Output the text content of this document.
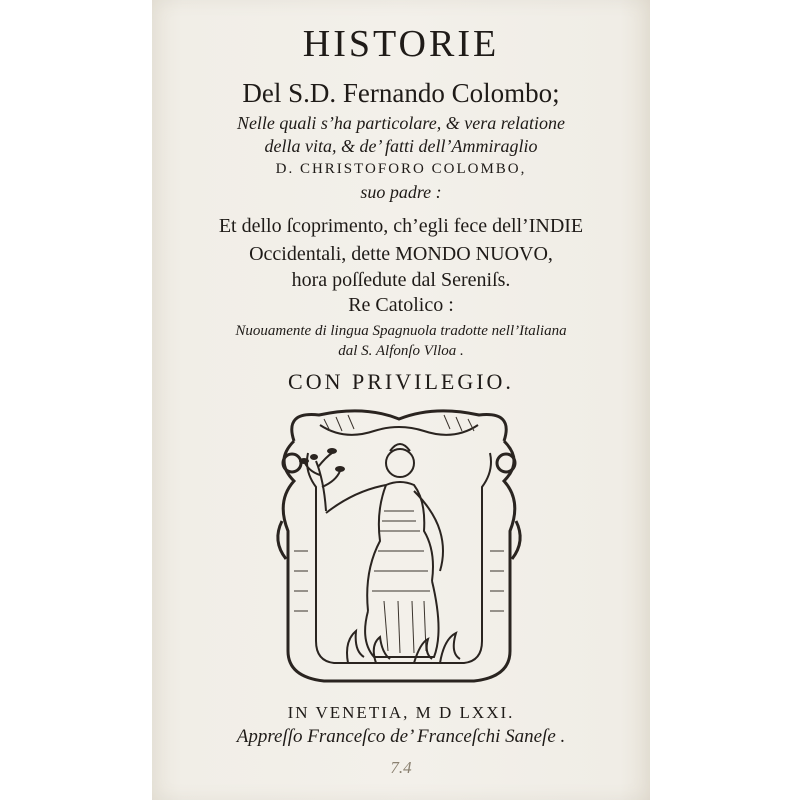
HISTORIE
Del S.D. Fernando Colombo;
Nelle quali s’ha particolare, & vera relatione
della vita, & de’ fatti dell’Ammiraglio
D. CHRISTOFORO COLOMBO,
suo padre :
Et dello ſcoprimento, ch’egli fece dell’INDIE
Occidentali, dette MONDO NUOVO,
hora poſſedute dal Sereniſs.
Re Catolico :
Nuouamente di lingua Spagnuola tradotte nell’Italiana
dal S. Alfonſo Vlloa .
CON PRIVILEGIO.
IN VENETIA, M D LXXI.
Appreſſo Franceſco de’ Franceſchi Saneſe .
7.4
